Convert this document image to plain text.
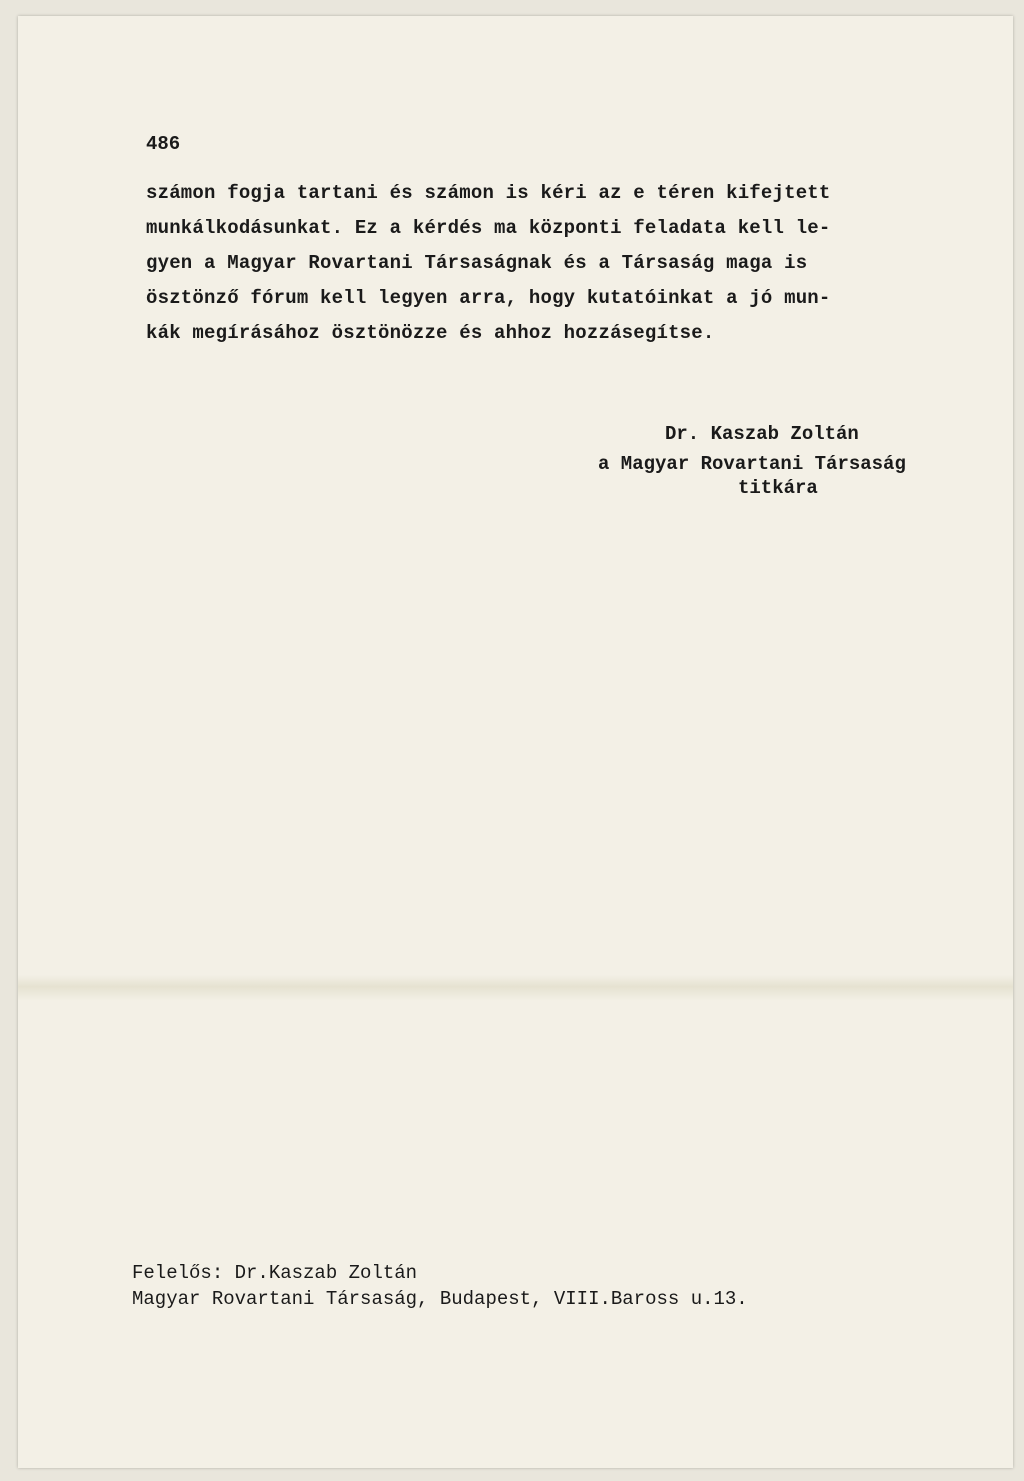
486
számon fogja tartani és számon is kéri az e téren kifejtett
munkálkodásunkat. Ez a kérdés ma központi feladata kell le-
gyen a Magyar Rovartani Társaságnak és a Társaság maga is
ösztönző fórum kell legyen arra, hogy kutatóinkat a jó mun-
kák megírásához ösztönözze és ahhoz hozzásegítse.
Dr. Kaszab Zoltán
a Magyar Rovartani Társaság
titkára
Felelős: Dr.Kaszab Zoltán
Magyar Rovartani Társaság, Budapest, VIII.Baross u.13.
